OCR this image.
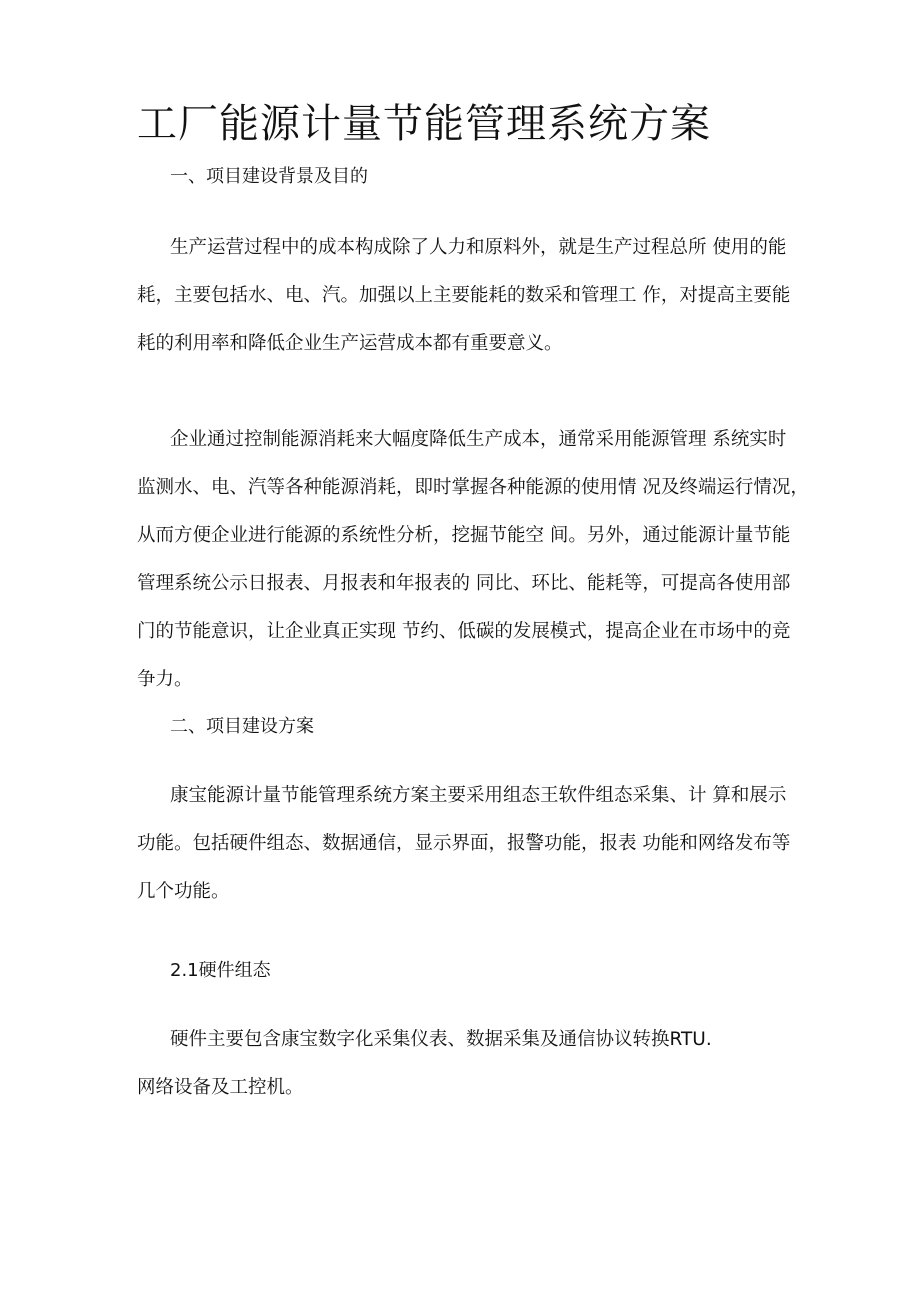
工厂能源计量节能管理系统方案
一、项目建设背景及目的
生产运营过程中的成本构成除了人力和原料外，就是生产过程总所 使用的能
耗，主要包括水、电、汽。加强以上主要能耗的数采和管理工 作，对提高主要能
耗的利用率和降低企业生产运营成本都有重要意义。
企业通过控制能源消耗来大幅度降低生产成本，通常采用能源管理 系统实时
监测水、电、汽等各种能源消耗，即时掌握各种能源的使用情 况及终端运行情况，
从而方便企业进行能源的系统性分析，挖掘节能空 间。另外，通过能源计量节能
管理系统公示日报表、月报表和年报表的 同比、环比、能耗等，可提高各使用部
门的节能意识，让企业真正实现 节约、低碳的发展模式，提高企业在市场中的竞
争力。
二、项目建设方案
康宝能源计量节能管理系统方案主要采用组态王软件组态采集、计 算和展示
功能。包括硬件组态、数据通信，显示界面，报警功能，报表 功能和网络发布等
几个功能。
2.1硬件组态
硬件主要包含康宝数字化采集仪表、数据采集及通信协议转换RTU.
网络设备及工控机。
